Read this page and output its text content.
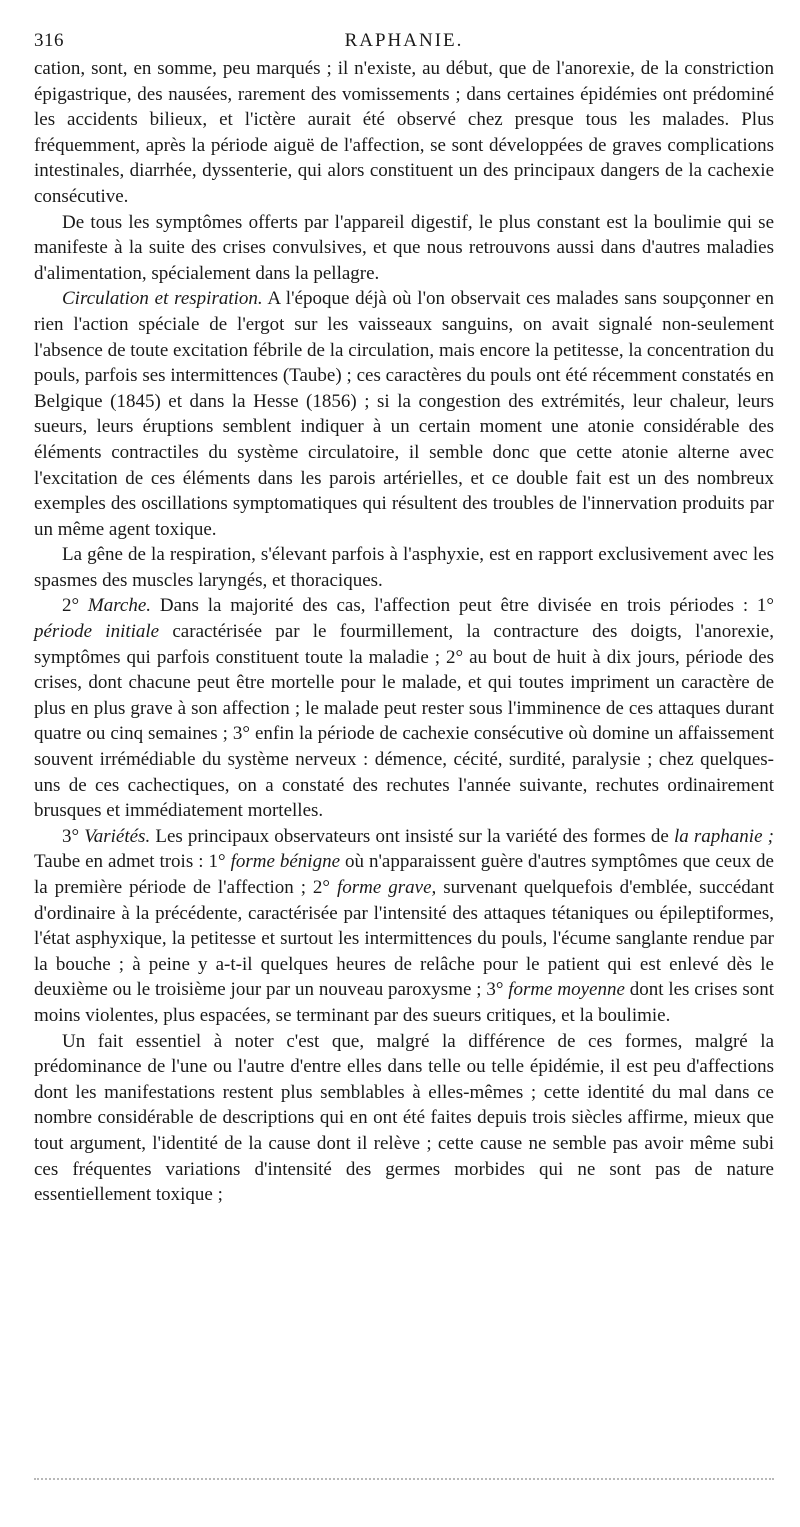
316	RAPHANIE.

cation, sont, en somme, peu marqués ; il n'existe, au début, que de l'anorexie, de la constriction épigastrique, des nausées, rarement des vomissements ; dans certaines épidémies ont prédominé les accidents bilieux, et l'ictère aurait été observé chez presque tous les malades. Plus fréquemment, après la période aiguë de l'affection, se sont développées de graves complications intestinales, diarrhée, dyssenterie, qui alors constituent un des principaux dangers de la cachexie consécutive.

De tous les symptômes offerts par l'appareil digestif, le plus constant est la boulimie qui se manifeste à la suite des crises convulsives, et que nous retrouvons aussi dans d'autres maladies d'alimentation, spécialement dans la pellagre.

Circulation et respiration. A l'époque déjà où l'on observait ces malades sans soupçonner en rien l'action spéciale de l'ergot sur les vaisseaux sanguins, on avait signalé non-seulement l'absence de toute excitation fébrile de la circulation, mais encore la petitesse, la concentration du pouls, parfois ses intermittences (Taube) ; ces caractères du pouls ont été récemment constatés en Belgique (1845) et dans la Hesse (1856) ; si la congestion des extrémités, leur chaleur, leurs sueurs, leurs éruptions semblent indiquer à un certain moment une atonie considérable des éléments contractiles du système circulatoire, il semble donc que cette atonie alterne avec l'excitation de ces éléments dans les parois artérielles, et ce double fait est un des nombreux exemples des oscillations symptomatiques qui résultent des troubles de l'innervation produits par un même agent toxique.

La gêne de la respiration, s'élevant parfois à l'asphyxie, est en rapport exclusivement avec les spasmes des muscles laryngés, et thoraciques.

2° Marche. Dans la majorité des cas, l'affection peut être divisée en trois périodes : 1° période initiale caractérisée par le fourmillement, la contracture des doigts, l'anorexie, symptômes qui parfois constituent toute la maladie ; 2° au bout de huit à dix jours, période des crises, dont chacune peut être mortelle pour le malade, et qui toutes impriment un caractère de plus en plus grave à son affection ; le malade peut rester sous l'imminence de ces attaques durant quatre ou cinq semaines ; 3° enfin la période de cachexie consécutive où domine un affaissement souvent irrémédiable du système nerveux : démence, cécité, surdité, paralysie ; chez quelques-uns de ces cachectiques, on a constaté des rechutes l'année suivante, rechutes ordinairement brusques et immédiatement mortelles.

3° Variétés. Les principaux observateurs ont insisté sur la variété des formes de la raphanie ; Taube en admet trois : 1° forme bénigne où n'apparaissent guère d'autres symptômes que ceux de la première période de l'affection ; 2° forme grave, survenant quelquefois d'emblée, succédant d'ordinaire à la précédente, caractérisée par l'intensité des attaques tétaniques ou épileptiformes, l'état asphyxique, la petitesse et surtout les intermittences du pouls, l'écume sanglante rendue par la bouche ; à peine y a-t-il quelques heures de relâche pour le patient qui est enlevé dès le deuxième ou le troisième jour par un nouveau paroxysme ; 3° forme moyenne dont les crises sont moins violentes, plus espacées, se terminant par des sueurs critiques, et la boulimie.

Un fait essentiel à noter c'est que, malgré la différence de ces formes, malgré la prédominance de l'une ou l'autre d'entre elles dans telle ou telle épidémie, il est peu d'affections dont les manifestations restent plus semblables à elles-mêmes ; cette identité du mal dans ce nombre considérable de descriptions qui en ont été faites depuis trois siècles affirme, mieux que tout argument, l'identité de la cause dont il relève ; cette cause ne semble pas avoir même subi ces fréquentes variations d'intensité des germes morbides qui ne sont pas de nature essentiellement toxique ;
